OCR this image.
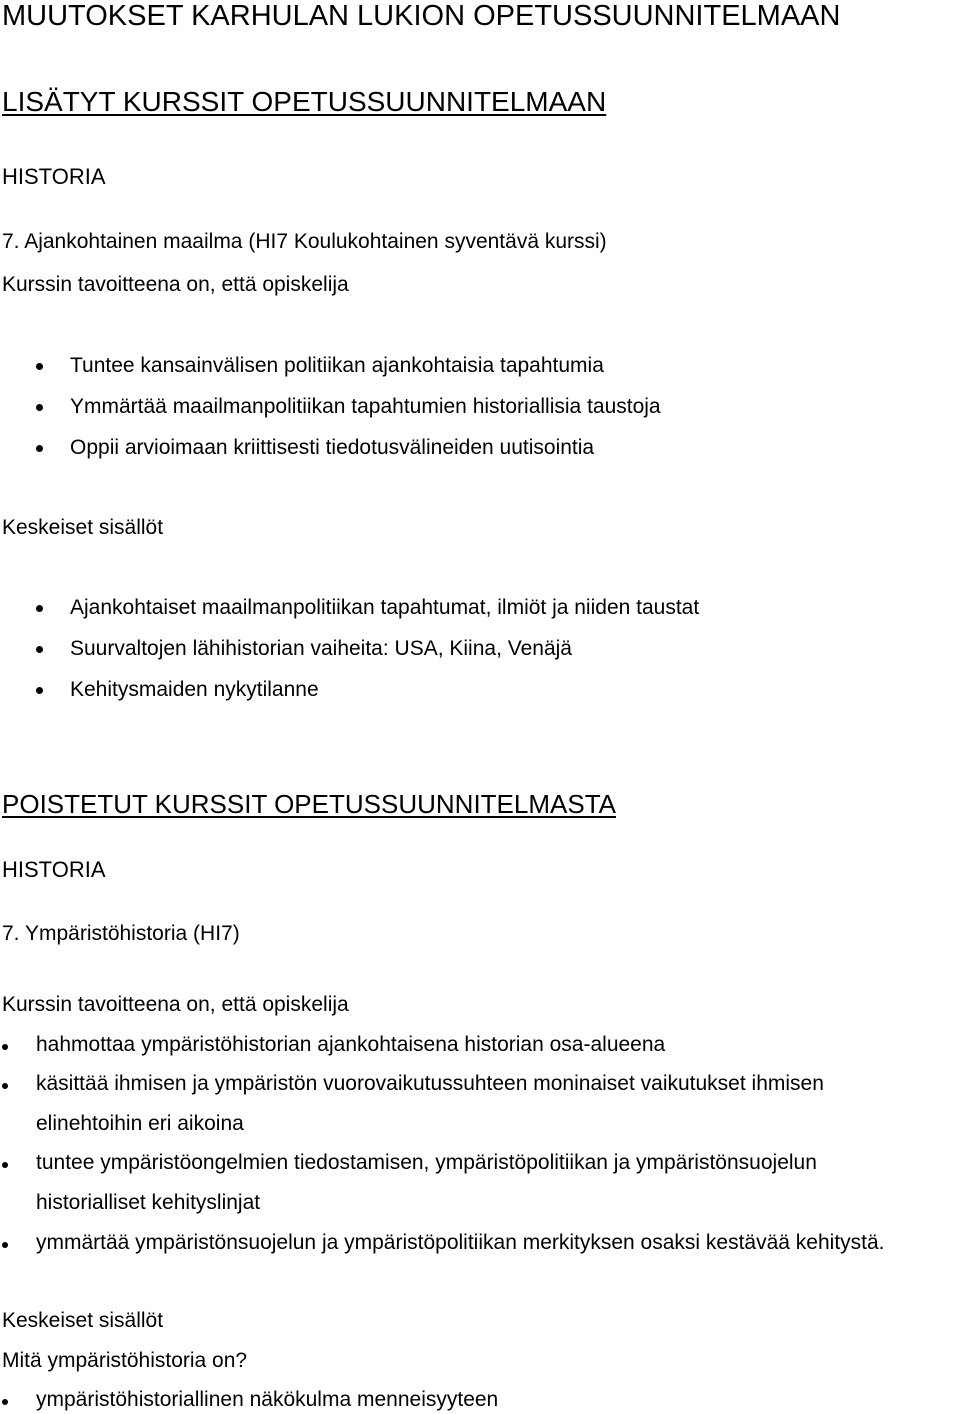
MUUTOKSET KARHULAN LUKION OPETUSSUUNNITELMAAN
LISÄTYT KURSSIT OPETUSSUUNNITELMAAN
HISTORIA
7. Ajankohtainen maailma (HI7 Koulukohtainen syventävä kurssi)
Kurssin tavoitteena on, että opiskelija
Tuntee kansainvälisen politiikan ajankohtaisia tapahtumia
Ymmärtää maailmanpolitiikan tapahtumien historiallisia taustoja
Oppii arvioimaan kriittisesti tiedotusvälineiden uutisointia
Keskeiset sisällöt
Ajankohtaiset maailmanpolitiikan tapahtumat, ilmiöt ja niiden taustat
Suurvaltojen lähihistorian vaiheita: USA, Kiina, Venäjä
Kehitysmaiden nykytilanne
POISTETUT KURSSIT OPETUSSUUNNITELMASTA
HISTORIA
7. Ympäristöhistoria (HI7)
Kurssin tavoitteena on, että opiskelija
hahmottaa ympäristöhistorian ajankohtaisena historian osa-alueena
käsittää ihmisen ja ympäristön vuorovaikutussuhteen moninaiset vaikutukset ihmisen
elinehtoihin eri aikoina
tuntee ympäristöongelmien tiedostamisen, ympäristöpolitiikan ja ympäristönsuojelun
historialliset kehityslinjat
ymmärtää ympäristönsuojelun ja ympäristöpolitiikan merkityksen osaksi kestävää kehitystä.
Keskeiset sisällöt
Mitä ympäristöhistoria on?
ympäristöhistoriallinen näkökulma menneisyyteen
